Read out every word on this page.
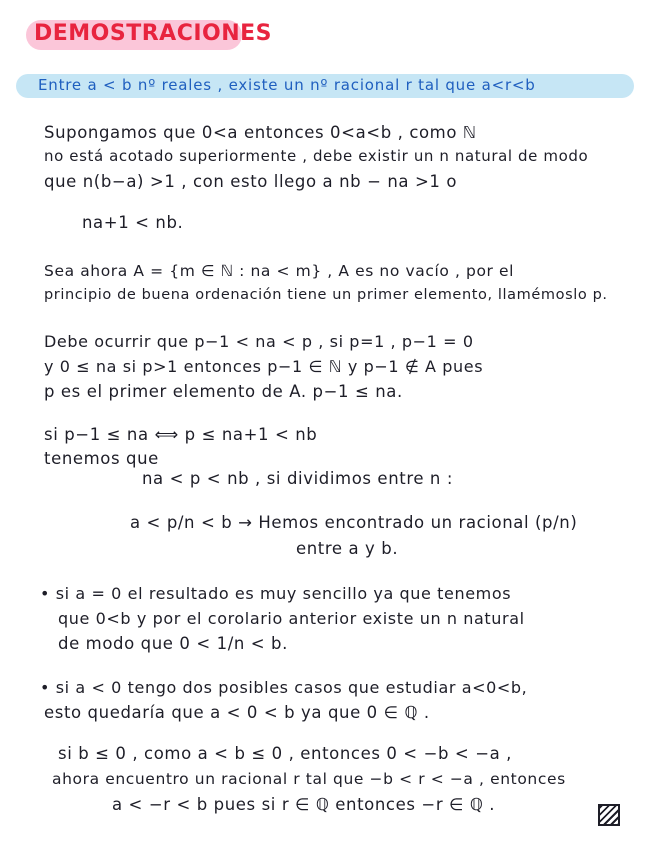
DEMOSTRACIONES
Entre a < b nº reales , existe un nº racional r tal que a<r<b
Supongamos que 0<a entonces 0<a<b , como ℕ
no está acotado superiormente , debe existir un n natural de modo
que n(b−a) >1 , con esto llego a nb − na >1 o
na+1 < nb.
Sea ahora A = {m ∈ ℕ : na < m} , A es no vacío , por el
principio de buena ordenación tiene un primer elemento, llamémoslo p.
Debe ocurrir que p−1 < na < p , si p=1 , p−1 = 0
y 0 ≤ na si p>1 entonces p−1 ∈ ℕ y p−1 ∉ A pues
p es el primer elemento de A. p−1 ≤ na.
si p−1 ≤ na ⟺ p ≤ na+1 < nb
tenemos que
na < p < nb , si dividimos entre n :
a < p/n < b → Hemos encontrado un racional (p/n)
entre a y b.
• si a = 0 el resultado es muy sencillo ya que tenemos
que 0<b y por el corolario anterior existe un n natural
de modo que 0 < 1/n < b.
• si a < 0 tengo dos posibles casos que estudiar a<0<b,
esto quedaría que a < 0 < b ya que 0 ∈ ℚ .
si b ≤ 0 , como a < b ≤ 0 , entonces 0 < −b < −a ,
ahora encuentro un racional r tal que −b < r < −a , entonces
a < −r < b pues si r ∈ ℚ entonces −r ∈ ℚ .
